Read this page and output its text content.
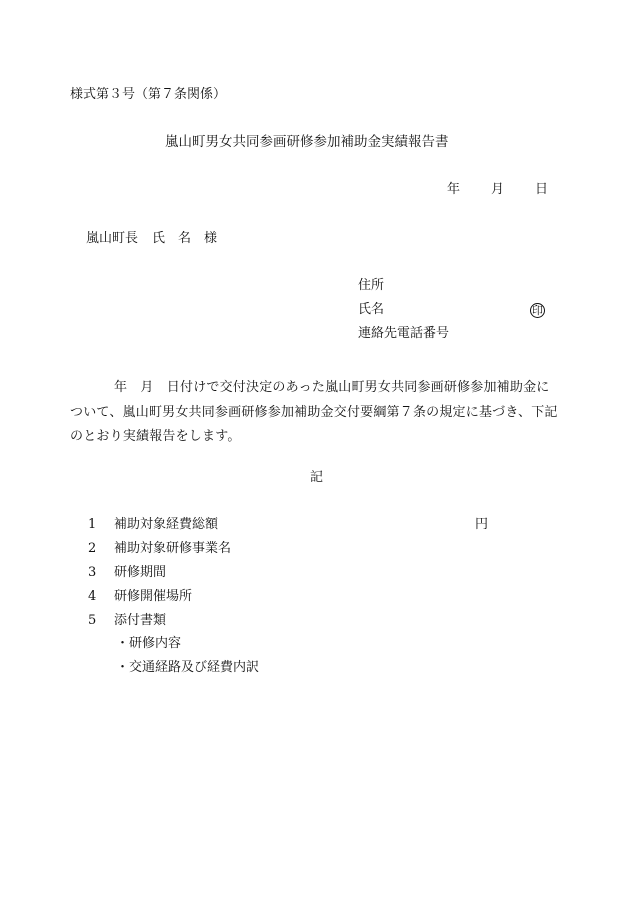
様式第３号（第７条関係）
嵐山町男女共同参画研修参加補助金実績報告書
年 月 日
嵐山町長 氏 名 様
住所
氏名	印
連絡先電話番号
年　月　日付けで交付決定のあった嵐山町男女共同参画研修参加補助金について、嵐山町男女共同参画研修参加補助金交付要綱第７条の規定に基づき、下記のとおり実績報告をします。
記
1 補助対象経費総額	円
2 補助対象研修事業名
3 研修期間
4 研修開催場所
5 添付書類
・研修内容
・交通経路及び経費内訳
